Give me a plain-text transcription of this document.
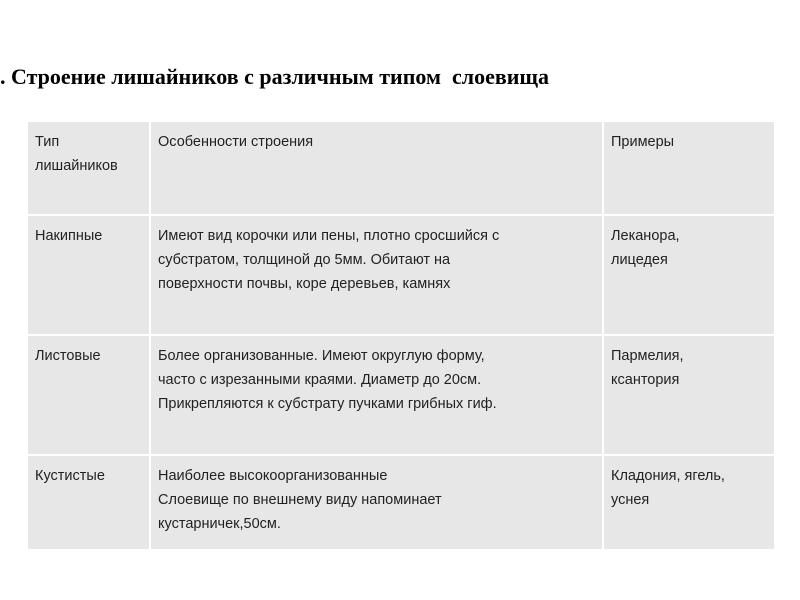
. Строение лишайников с различным типом  слоевища
Тип
лишайников	Особенности строения	Примеры
Накипные	Имеют вид корочки или пены, плотно сросшийся с
субстратом, толщиной до 5мм. Обитают на
поверхности почвы, коре деревьев, камнях	Леканора,
лицедея
Листовые	Более организованные. Имеют округлую форму,
часто с изрезанными краями. Диаметр до 20см.
Прикрепляются к субстрату пучками грибных гиф.	Пармелия,
ксантория
Кустистые	Наиболее высокоорганизованные
Слоевище по внешнему виду напоминает
кустарничек,50см.	Кладония, ягель,
уснея
